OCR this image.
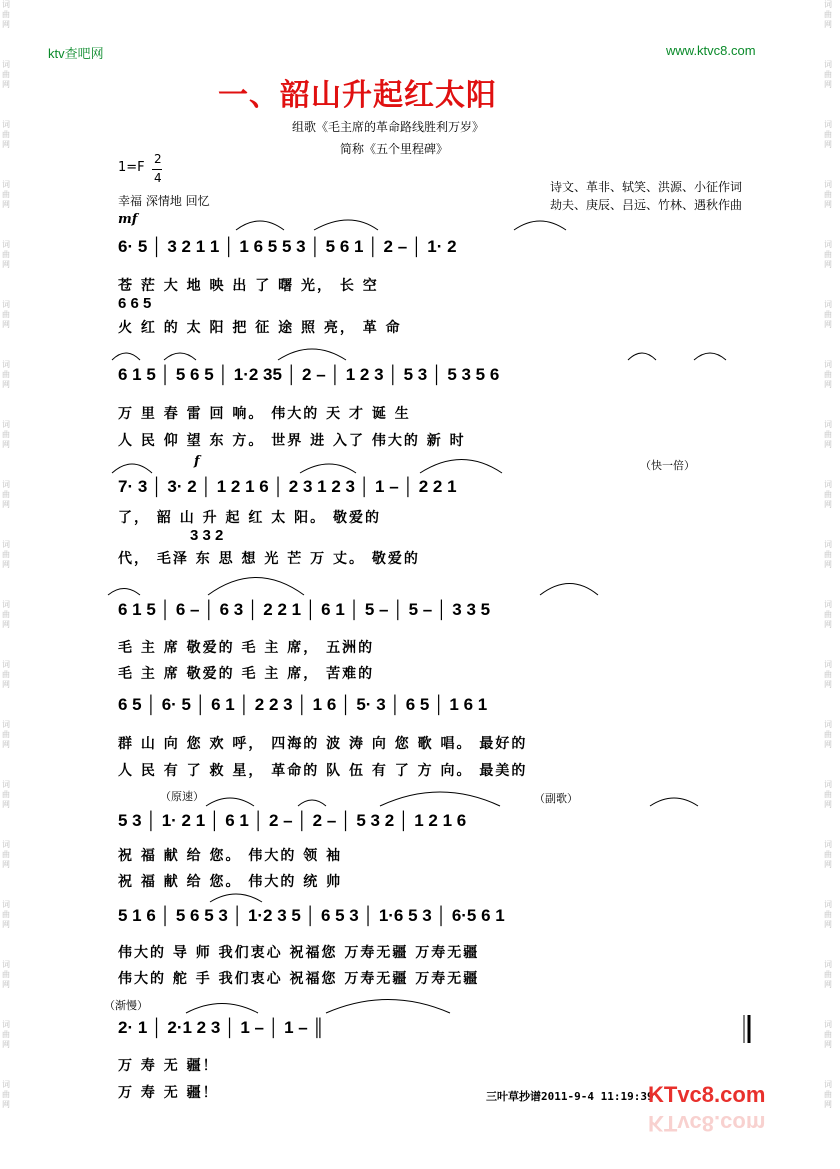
词曲网
词曲网
词曲网
词曲网
词曲网
词曲网
词曲网
词曲网
词曲网
词曲网
词曲网
词曲网
词曲网
词曲网
词曲网
词曲网
词曲网
词曲网
词曲网
词曲网
词曲网
词曲网
词曲网
词曲网
词曲网
词曲网
词曲网
词曲网
词曲网
词曲网
词曲网
词曲网
词曲网
词曲网
词曲网
词曲网
词曲网
词曲网
ktv查吧网	www.ktvc8.com
一、韶山升起红太阳
组歌《毛主席的革命路线胜利万岁》
简称《五个里程碑》
1=F
2
4
幸福 深情地 回忆
诗文、革非、轼笑、洪源、小征作词
劫夫、庚辰、吕远、竹林、遇秋作曲
mf
f	（快一倍）
（原速）	（副歌）
（渐慢）
6· 5 │ 3 2 1 1 │ 1 6 5 5 3 │ 5 6 1 │ 2 – │ 1· 2
苍 茫 大 地 映 出 了 曙 光， 长 空
6 6 5
火 红 的 太 阳 把 征 途 照 亮， 革 命
6 1 5 │ 5 6 5 │ 1·2 35 │ 2 – │ 1 2 3 │ 5 3 │ 5 3 5 6
万 里 春 雷 回 响。 伟大的 天 才 诞 生
人 民 仰 望 东 方。 世界 进 入了 伟大的 新 时
7· 3 │ 3· 2 │ 1 2 1 6 │ 2 3 1 2 3 │ 1 – │ 2 2 1
了， 韶 山 升 起 红 太 阳。 敬爱的
3 3 2
代， 毛泽 东 思 想 光 芒 万 丈。 敬爱的
6 1 5 │ 6 – │ 6 3 │ 2 2 1 │ 6 1 │ 5 – │ 5 – │ 3 3 5
毛 主 席 敬爱的 毛 主 席， 五洲的
毛 主 席 敬爱的 毛 主 席， 苦难的
6 5 │ 6· 5 │ 6 1 │ 2 2 3 │ 1 6 │ 5· 3 │ 6 5 │ 1 6 1
群 山 向 您 欢 呼， 四海的 波 涛 向 您 歌 唱。 最好的
人 民 有 了 救 星， 革命的 队 伍 有 了 方 向。 最美的
5 3 │ 1· 2 1 │ 6 1 │ 2 – │ 2 – │ 5 3 2 │ 1 2 1 6
祝 福 献 给 您。 伟大的 领 袖
祝 福 献 给 您。 伟大的 统 帅
5 1 6 │ 5 6 5 3 │ 1·2 3 5 │ 6 5 3 │ 1·6 5 3 │ 6·5 6 1
伟大的 导 师 我们衷心 祝福您 万寿无疆 万寿无疆
伟大的 舵 手 我们衷心 祝福您 万寿无疆 万寿无疆
2· 1 │ 2·1 2 3 │ 1 – │ 1 – ║
万 寿 无 疆！
万 寿 无 疆！	三叶草抄谱2011-9-4 11:19:39
KTvc8.com
KTvc8.com
